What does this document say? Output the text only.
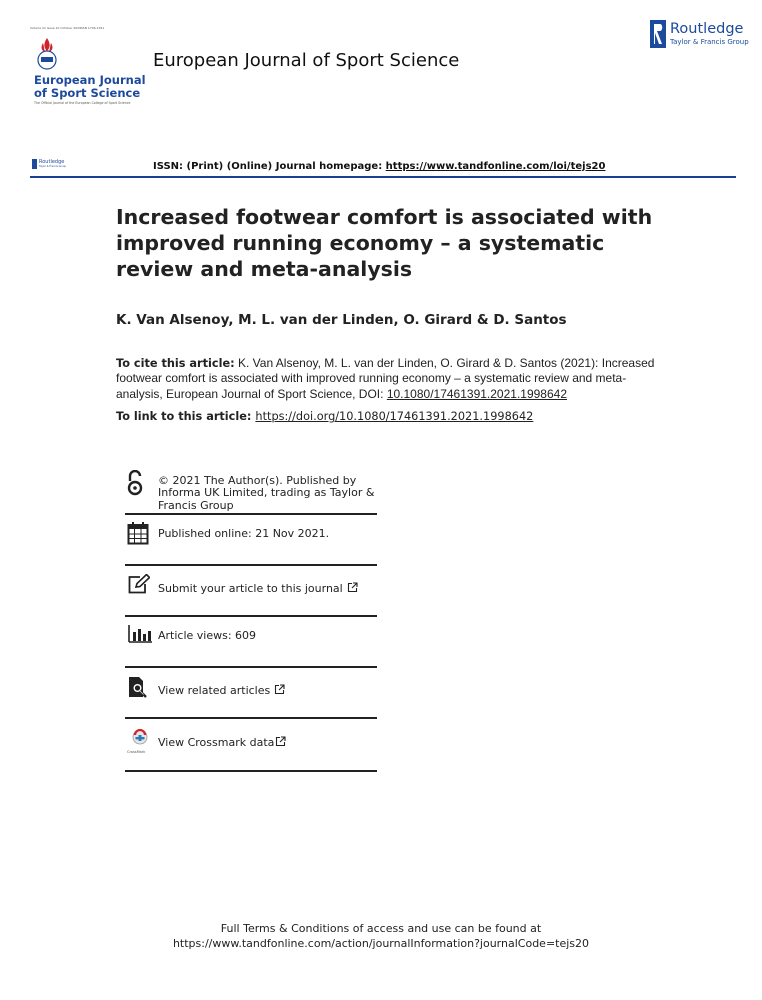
Volume 21 Issue 10 October 2021 ISSN 1746-1391
European Journal
of Sport Science
The Official Journal of the European College of Sport Science
European Journal of Sport Science
Routledge
Taylor & Francis Group
Routledge
Taylor & Francis Group	ISSN: (Print) (Online) Journal homepage: https://www.tandfonline.com/loi/tejs20
Increased footwear comfort is associated with improved running economy – a systematic review and meta-analysis
K. Van Alsenoy, M. L. van der Linden, O. Girard & D. Santos
To cite this article: K. Van Alsenoy, M. L. van der Linden, O. Girard & D. Santos (2021): Increased footwear comfort is associated with improved running economy – a systematic review and meta-analysis, European Journal of Sport Science, DOI: 10.1080/17461391.2021.1998642
To link to this article: https://doi.org/10.1080/17461391.2021.1998642
© 2021 The Author(s). Published by Informa UK Limited, trading as Taylor & Francis Group
Published online: 21 Nov 2021.
Submit your article to this journal
Article views: 609
View related articles
CrossMark
View Crossmark data
Full Terms & Conditions of access and use can be found at
https://www.tandfonline.com/action/journalInformation?journalCode=tejs20
